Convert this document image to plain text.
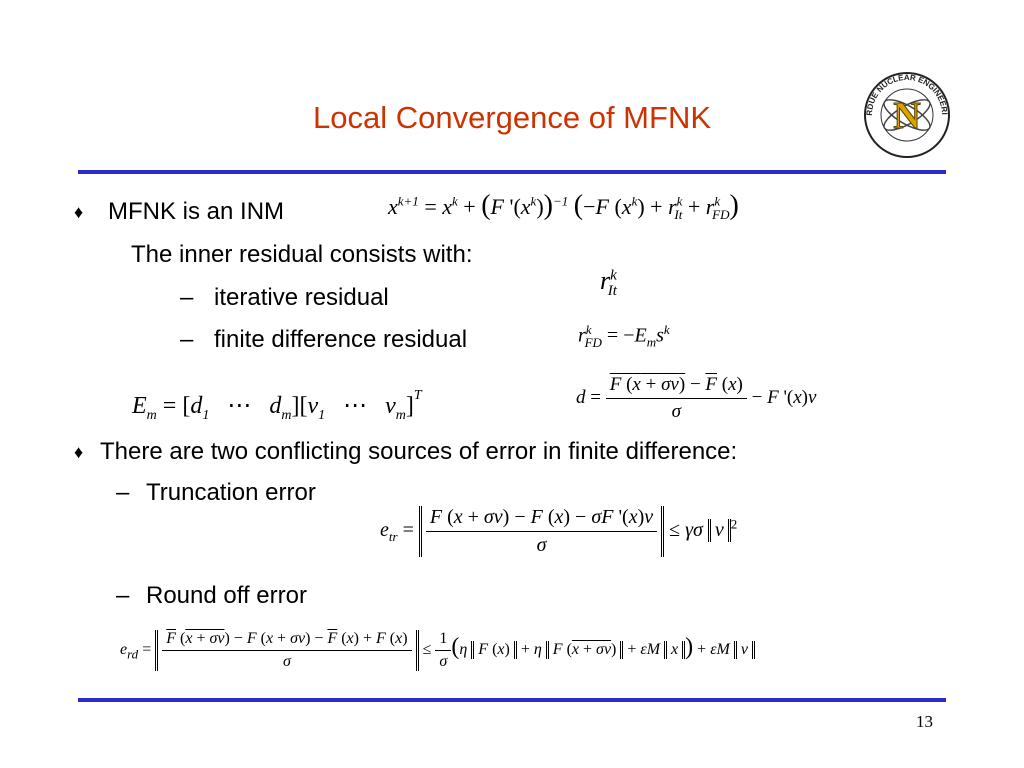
Local Convergence of MFNK	N
RDUE NUCLEAR ENGINEERI
♦ MFNK is an INM	$x^{k+1} = x^k + (F$ '$(x^k))^{-1}$ (−F $(x^k) + r^k_{It} + r^k_{FD}$)
The inner residual consists with:
$r^k_{It}$
– iterative residual
– finite difference residual	$r^k_{FD} = -E_ms^k$
$E_m = [d_1$   ⋯   $d_m][v_1$   ⋯   $v_m]^T$	$d = \frac{F (x + \sigma v) - \overline{F} (x)}{\sigma} - F$ '(x)v
♦ There are two conflicting sources of error in finite difference:
– Truncation error
$e_{tr} = \frac{F (x + \sigma v) - F (x) - \sigma F '(x)v}{\sigma} \le \gamma\sigma$ v $^2$
– Round off error
$e_{rd} = \frac{\overline{F} (x + \sigma v) - F (x + \sigma v) - \overline{F} (x) + F (x)}{\sigma} \le \frac{1}{\sigma} (\eta$ F (x) + η F (x + σv) + εM x ) + εM v
13
